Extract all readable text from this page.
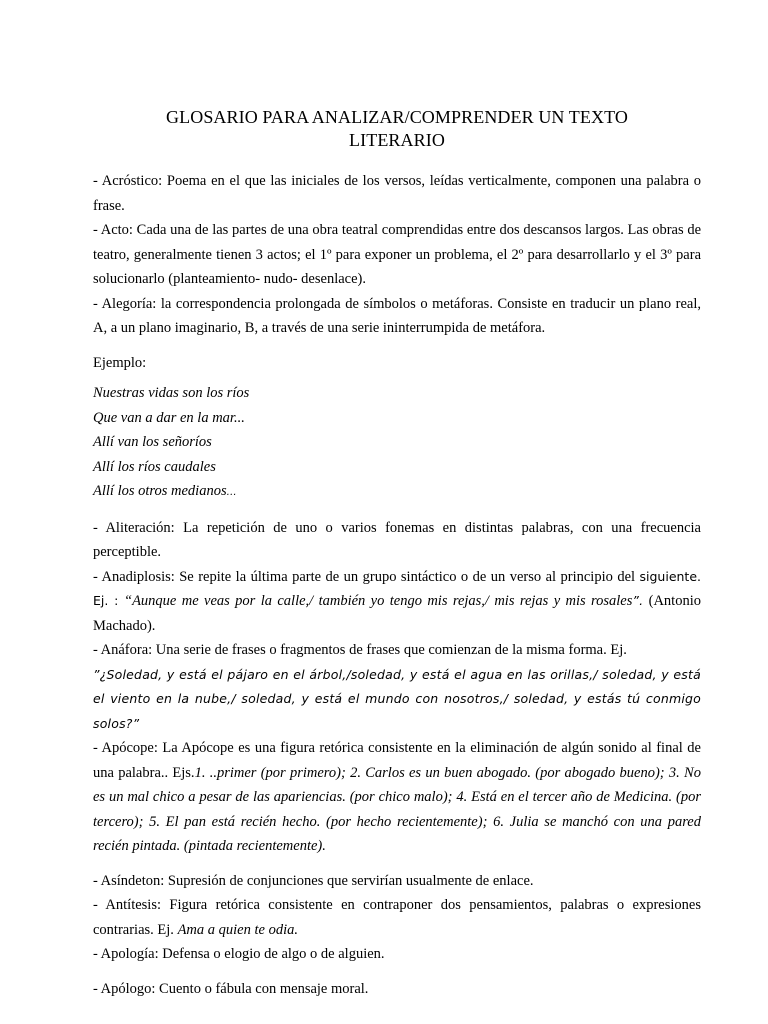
GLOSARIO PARA ANALIZAR/COMPRENDER UN TEXTO
LITERARIO

- Acróstico: Poema en el que las iniciales de los versos, leídas verticalmente, componen una palabra o frase.

- Acto: Cada una de las partes de una obra teatral comprendidas entre dos descansos largos. Las obras de teatro, generalmente tienen 3 actos; el 1º para exponer un problema, el 2º para desarrollarlo y el 3º para solucionarlo (planteamiento- nudo- desenlace).

- Alegoría: la correspondencia prolongada de símbolos o metáforas. Consiste en traducir un plano real, A, a un plano imaginario, B, a través de una serie ininterrumpida de metáfora.

Ejemplo:

Nuestras vidas son los ríos

Que van a dar en la mar...

Allí van los señoríos

Allí los ríos caudales

Allí los otros medianos...

- Aliteración: La repetición de uno o varios fonemas en distintas palabras, con una frecuencia perceptible.

- Anadiplosis: Se repite la última parte de un grupo sintáctico o de un verso al principio del siguiente. Ej. : “Aunque me veas por la calle,/ también yo tengo mis rejas,/ mis rejas y mis rosales”. (Antonio Machado).

- Anáfora: Una serie de frases o fragmentos de frases que comienzan de la misma forma. Ej.
”¿Soledad, y está el pájaro en el árbol,/soledad, y está el agua en las orillas,/ soledad, y está el viento en la nube,/ soledad, y está el mundo con nosotros,/ soledad, y estás tú conmigo solos?”

- Apócope: La Apócope es una figura retórica consistente en la eliminación de algún sonido al final de una palabra.. Ejs.1. ..primer (por primero); 2. Carlos es un buen abogado. (por abogado bueno); 3. No es un mal chico a pesar de las apariencias. (por chico malo); 4. Está en el tercer año de Medicina. (por tercero); 5. El pan está recién hecho. (por hecho recientemente); 6. Julia se manchó con una pared recién pintada. (pintada recientemente).

- Asíndeton: Supresión de conjunciones que servirían usualmente de enlace.

- Antítesis: Figura retórica consistente en contraponer dos pensamientos, palabras o expresiones contrarias. Ej. Ama a quien te odia.

- Apología: Defensa o elogio de algo o de alguien.

- Apólogo: Cuento o fábula con mensaje moral.
